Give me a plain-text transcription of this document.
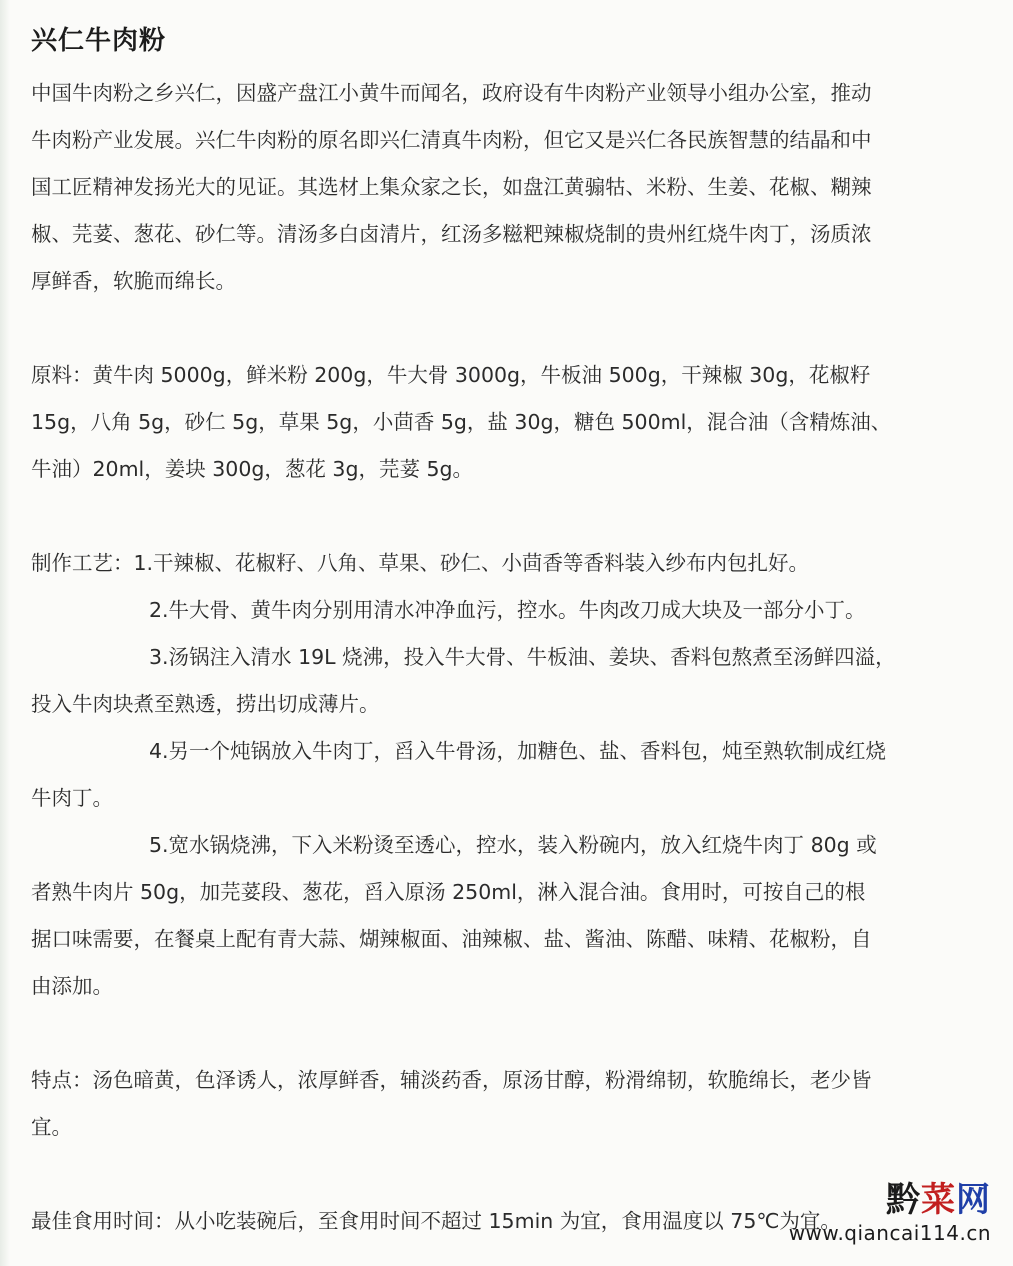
兴仁牛肉粉

中国牛肉粉之乡兴仁，因盛产盘江小黄牛而闻名，政府设有牛肉粉产业领导小组办公室，推动

牛肉粉产业发展。兴仁牛肉粉的原名即兴仁清真牛肉粉，但它又是兴仁各民族智慧的结晶和中

国工匠精神发扬光大的见证。其选材上集众家之长，如盘江黄骟牯、米粉、生姜、花椒、糊辣

椒、芫荽、葱花、砂仁等。清汤多白卤清片，红汤多糍粑辣椒烧制的贵州红烧牛肉丁，汤质浓

厚鲜香，软脆而绵长。

原料：黄牛肉 5000g，鲜米粉 200g，牛大骨 3000g，牛板油 500g，干辣椒 30g，花椒籽

15g，八角 5g，砂仁 5g，草果 5g，小茴香 5g，盐 30g，糖色 500ml，混合油（含精炼油、

牛油）20ml，姜块 300g，葱花 3g，芫荽 5g。

制作工艺：1.干辣椒、花椒籽、八角、草果、砂仁、小茴香等香料装入纱布内包扎好。

2.牛大骨、黄牛肉分别用清水冲净血污，控水。牛肉改刀成大块及一部分小丁。

3.汤锅注入清水 19L 烧沸，投入牛大骨、牛板油、姜块、香料包熬煮至汤鲜四溢，

投入牛肉块煮至熟透，捞出切成薄片。

4.另一个炖锅放入牛肉丁，舀入牛骨汤，加糖色、盐、香料包，炖至熟软制成红烧

牛肉丁。

5.宽水锅烧沸，下入米粉烫至透心，控水，装入粉碗内，放入红烧牛肉丁 80g 或

者熟牛肉片 50g，加芫荽段、葱花，舀入原汤 250ml，淋入混合油。食用时，可按自己的根

据口味需要，在餐桌上配有青大蒜、煳辣椒面、油辣椒、盐、酱油、陈醋、味精、花椒粉，自

由添加。

特点：汤色暗黄，色泽诱人，浓厚鲜香，辅淡药香，原汤甘醇，粉滑绵韧，软脆绵长，老少皆

宜。

最佳食用时间：从小吃装碗后，至食用时间不超过 15min 为宜，食用温度以 75℃为宜。

黔菜网
www.qiancai114.cn
